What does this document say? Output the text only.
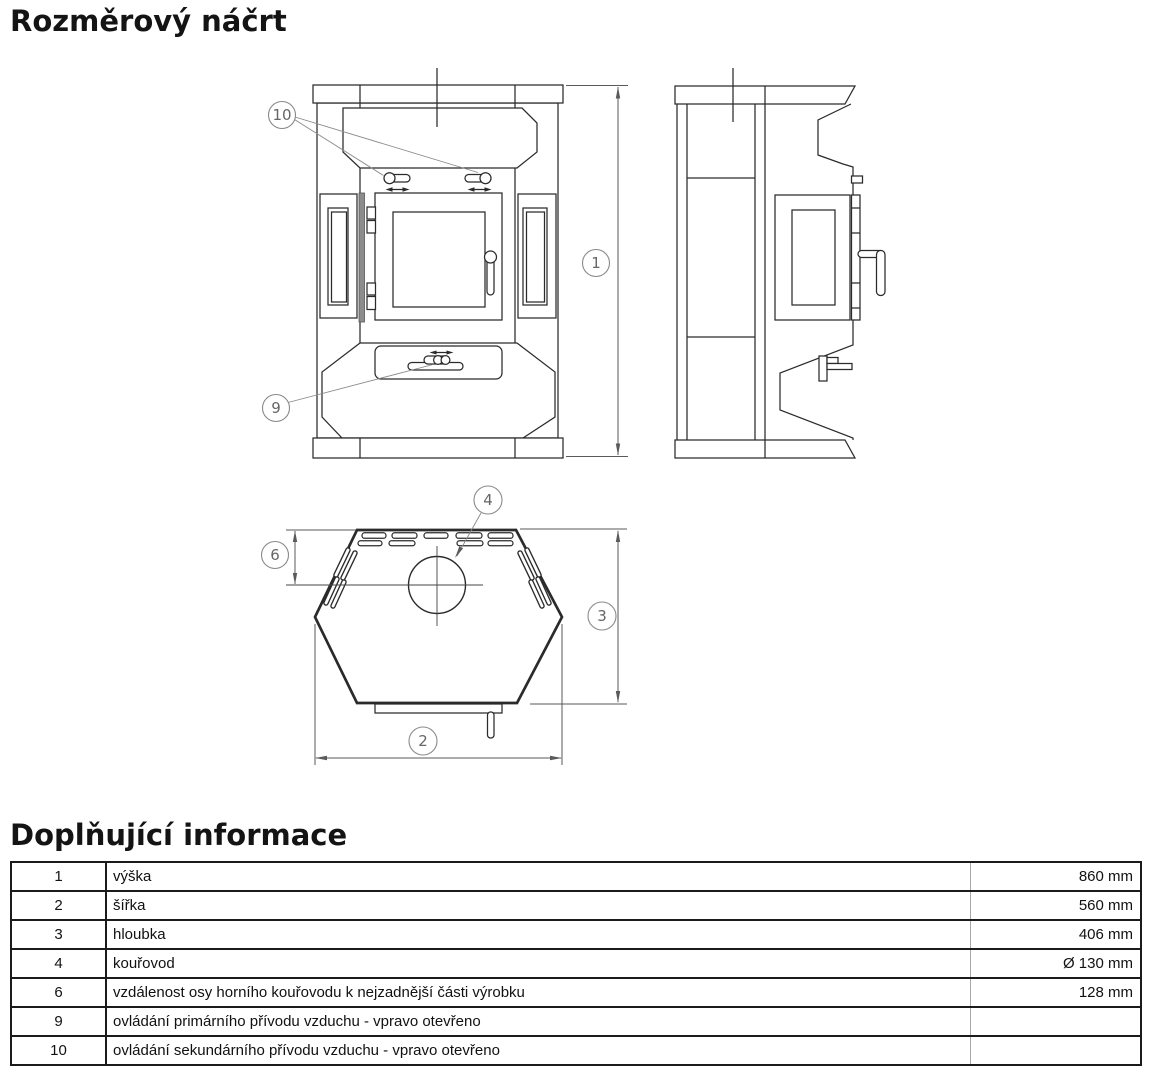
Rozměrový náčrt
1
10
9
6
3
2
4
Doplňující informace
1	výška	860 mm
2	šířka	560 mm
3	hloubka	406 mm
4	kouřovod	Ø 130 mm
6	vzdálenost osy horního kouřovodu k nejzadnější části výrobku	128 mm
9	ovládání primárního přívodu vzduchu - vpravo otevřeno
10	ovládání sekundárního přívodu vzduchu - vpravo otevřeno
